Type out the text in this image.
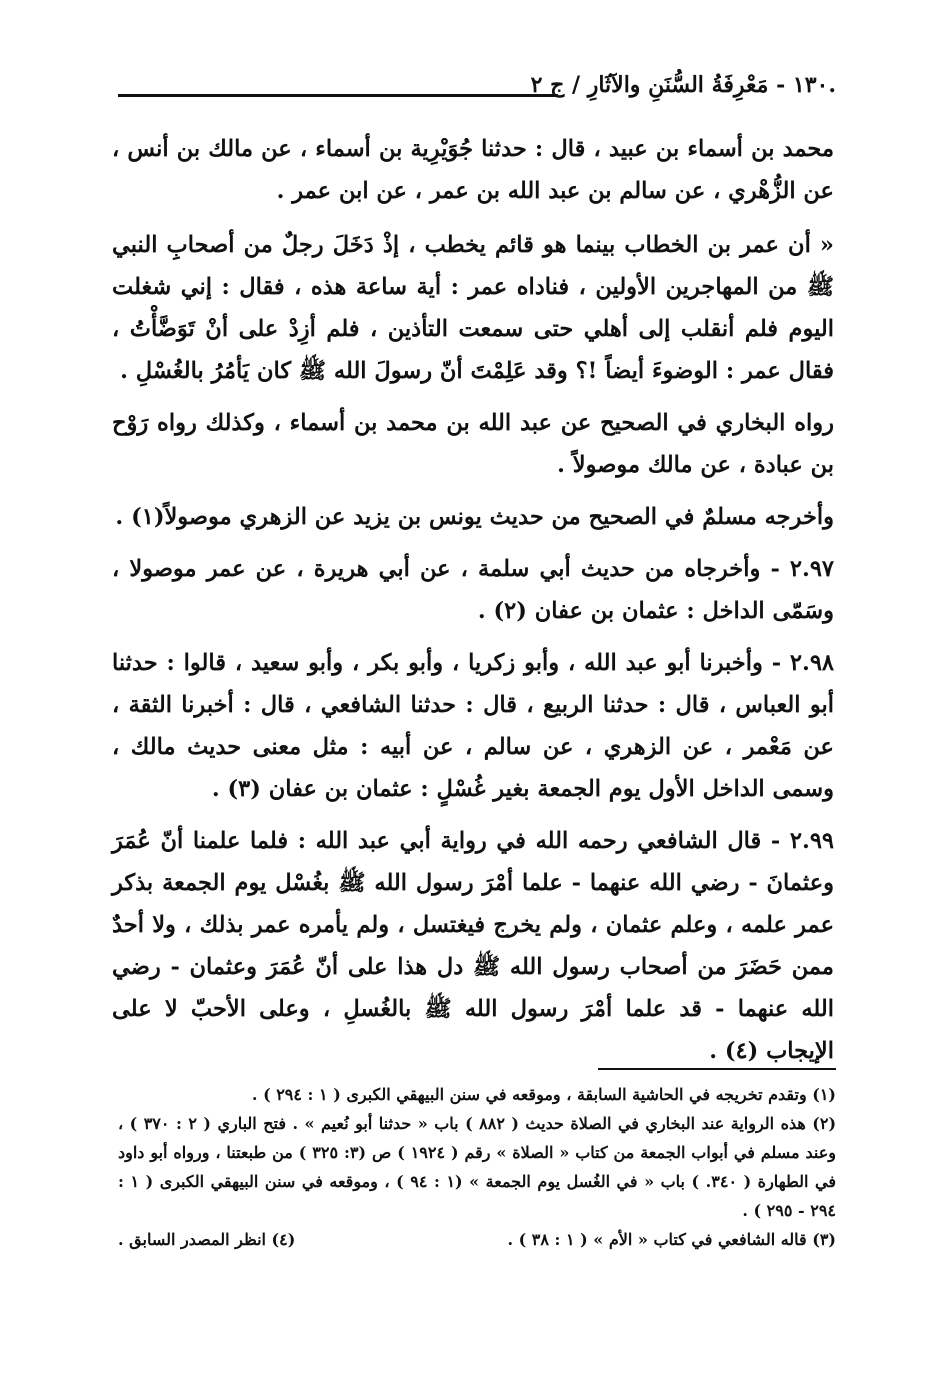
.١٣٠ - مَعْرِفَةُ السُّنَنِ والآثَارِ / ج ٢

محمد بن أسماء بن عبيد ، قال : حدثنا جُوَيْرِية بن أسماء ، عن مالك بن أنس ، عن الزُّهْري ، عن سالم بن عبد الله بن عمر ، عن ابن عمر .

« أن عمر بن الخطاب بينما هو قائم يخطب ، إذْ دَخَلَ رجلٌ من أصحابِ النبي ﷺ من المهاجرين الأولين ، فناداه عمر : أية ساعة هذه ، فقال : إني شغلت اليوم فلم أنقلب إلى أهلي حتى سمعت التأذين ، فلم أزِدْ على أنْ تَوَضَّأْتُ ، فقال عمر : الوضوءَ أيضاً !؟ وقد عَلِمْتَ أنّ رسولَ الله ﷺ كان يَأمُرُ بالغُسْلِ .

رواه البخاري في الصحيح عن عبد الله بن محمد بن أسماء ، وكذلك رواه رَوْح بن عبادة ، عن مالك موصولاً .

وأخرجه مسلمٌ في الصحيح من حديث يونس بن يزيد عن الزهري موصولاً(١) .

٢.٩٧ - وأخرجاه من حديث أبي سلمة ، عن أبي هريرة ، عن عمر موصولا ، وسَمّى الداخل : عثمان بن عفان (٢) .

٢.٩٨ - وأخبرنا أبو عبد الله ، وأبو زكريا ، وأبو بكر ، وأبو سعيد ، قالوا : حدثنا أبو العباس ، قال : حدثنا الربيع ، قال : حدثنا الشافعي ، قال : أخبرنا الثقة ، عن مَعْمر ، عن الزهري ، عن سالم ، عن أبيه : مثل معنى حديث مالك ، وسمى الداخل الأول يوم الجمعة بغير غُسْلٍ : عثمان بن عفان (٣) .

٢.٩٩ - قال الشافعي رحمه الله في رواية أبي عبد الله : فلما علمنا أنّ عُمَرَ وعثمانَ - رضي الله عنهما - علما أمْرَ رسول الله ﷺ بغُسْل يوم الجمعة بذكر عمر علمه ، وعلم عثمان ، ولم يخرج فيغتسل ، ولم يأمره عمر بذلك ، ولا أحدٌ ممن حَضَرَ من أصحاب رسول الله ﷺ دل هذا على أنّ عُمَرَ وعثمان - رضي الله عنهما - قد علما أمْرَ رسول الله ﷺ بالغُسلِ ، وعلى الأحبّ لا على الإيجاب (٤) .

(١) وتقدم تخريجه في الحاشية السابقة ، وموقعه في سنن البيهقي الكبرى ( ١ : ٢٩٤ ) .

(٢) هذه الرواية عند البخاري في الصلاة حديث ( ٨٨٢ ) باب « حدثنا أبو نُعيم » . فتح الباري ( ٢ : ٣٧٠ ) ، وعند مسلم في أبواب الجمعة من كتاب « الصلاة » رقم ( ١٩٢٤ ) ص (٣: ٣٢٥ ) من طبعتنا ، ورواه أبو داود في الطهارة ( ٣٤٠. ) باب « في الغُسل يوم الجمعة » (١ : ٩٤ ) ، وموقعه في سنن البيهقي الكبرى ( ١ : ٢٩٤ - ٢٩٥ ) .

(٣) قاله الشافعي في كتاب « الأم » ( ١ : ٣٨ ) .
(٤) انظر المصدر السابق .
